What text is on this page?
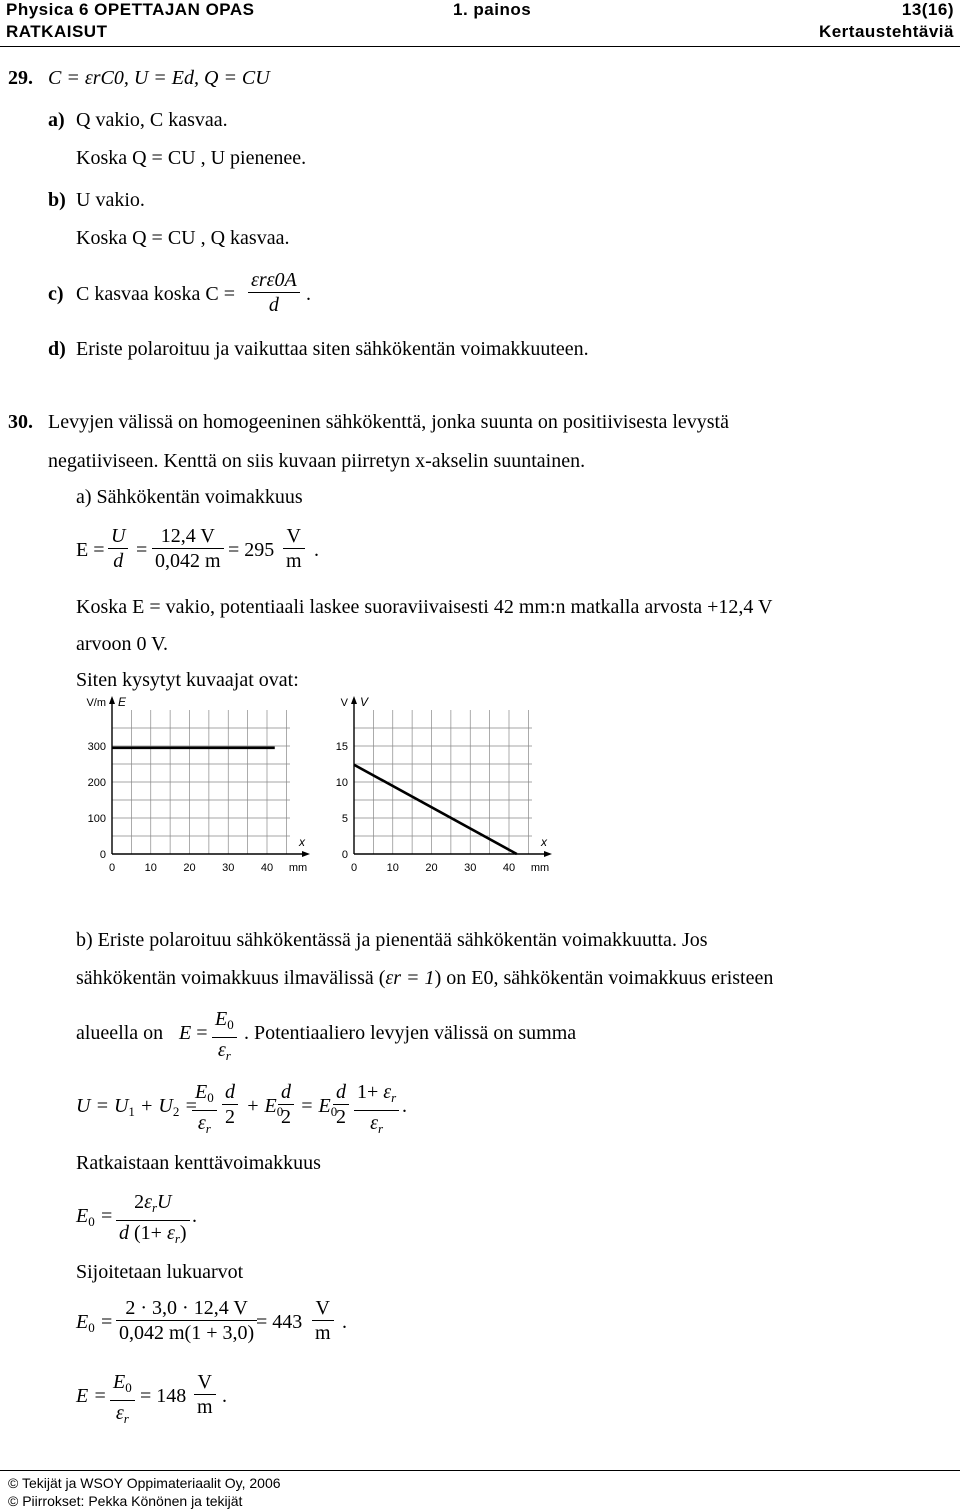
Physica 6 OPETTAJAN OPAS	1. painos	13(16)
RATKAISUT	Kertaustehtäviä
29. C = εrC0, U = Ed, Q = CU
a) Q vakio, C kasvaa.
Koska Q = CU , U pienenee.
b) U vakio.
Koska Q = CU , Q kasvaa.
c) C kasvaa koska C =
εrε0A
d	.
d) Eriste polaroituu ja vaikuttaa siten sähkökentän voimakkuuteen.
30. Levyjen välissä on homogeeninen sähkökenttä, jonka suunta on positiivisesta levystä
negatiiviseen. Kenttä on siis kuvaan piirretyn x-akselin suuntainen.
a) Sähkökentän voimakkuus
$E = \frac{U}{d} = \frac{12,4 V}{0,042 m} = 295 \frac{V}{m}$ .
Koska E = vakio, potentiaali laskee suoraviivaisesti 42 mm:n matkalla arvosta +12,4 V
arvoon 0 V.
Siten kysytyt kuvaajat ovat:
0	10 20 30 40
0
100
200
300
V/m E
x
mm	0	10 20 30 40
0
5
10
15
V V
x
mm
b) Eriste polaroituu sähkökentässä ja pienentää sähkökentän voimakkuutta. Jos
sähkökentän voimakkuus ilmavälissä (εr = 1) on E0, sähkökentän voimakkuus eristeen
alueella on $E = \frac{E_0}{\varepsilon_r}$ . Potentiaaliero levyjen välissä on summa
$U = U_1 + U_2$ =
$\frac{E_0}{\varepsilon_r} \frac{d}{2} + E_0$
$\frac{d}{2} = E_0$
$\frac{d}{2} \frac{1+ \varepsilon_r}{\varepsilon_r}$ .
Ratkaistaan kenttävoimakkuus
$E_0$ =
$2\varepsilon_rU$
d $(1+ \varepsilon_r)$
.
Sijoitetaan lukuarvot
$E_0 = \frac{2 \cdot 3,0 \cdot 12,4 V}{0,042 m(1 + 3,0)}$
= $443 \frac{V}{m}$ .
$E = \frac{E_0}{\varepsilon_r} = 148 \frac{V}{m}$ .
© Tekijät ja WSOY Oppimateriaalit Oy, 2006
© Piirrokset: Pekka Könönen ja tekijät
